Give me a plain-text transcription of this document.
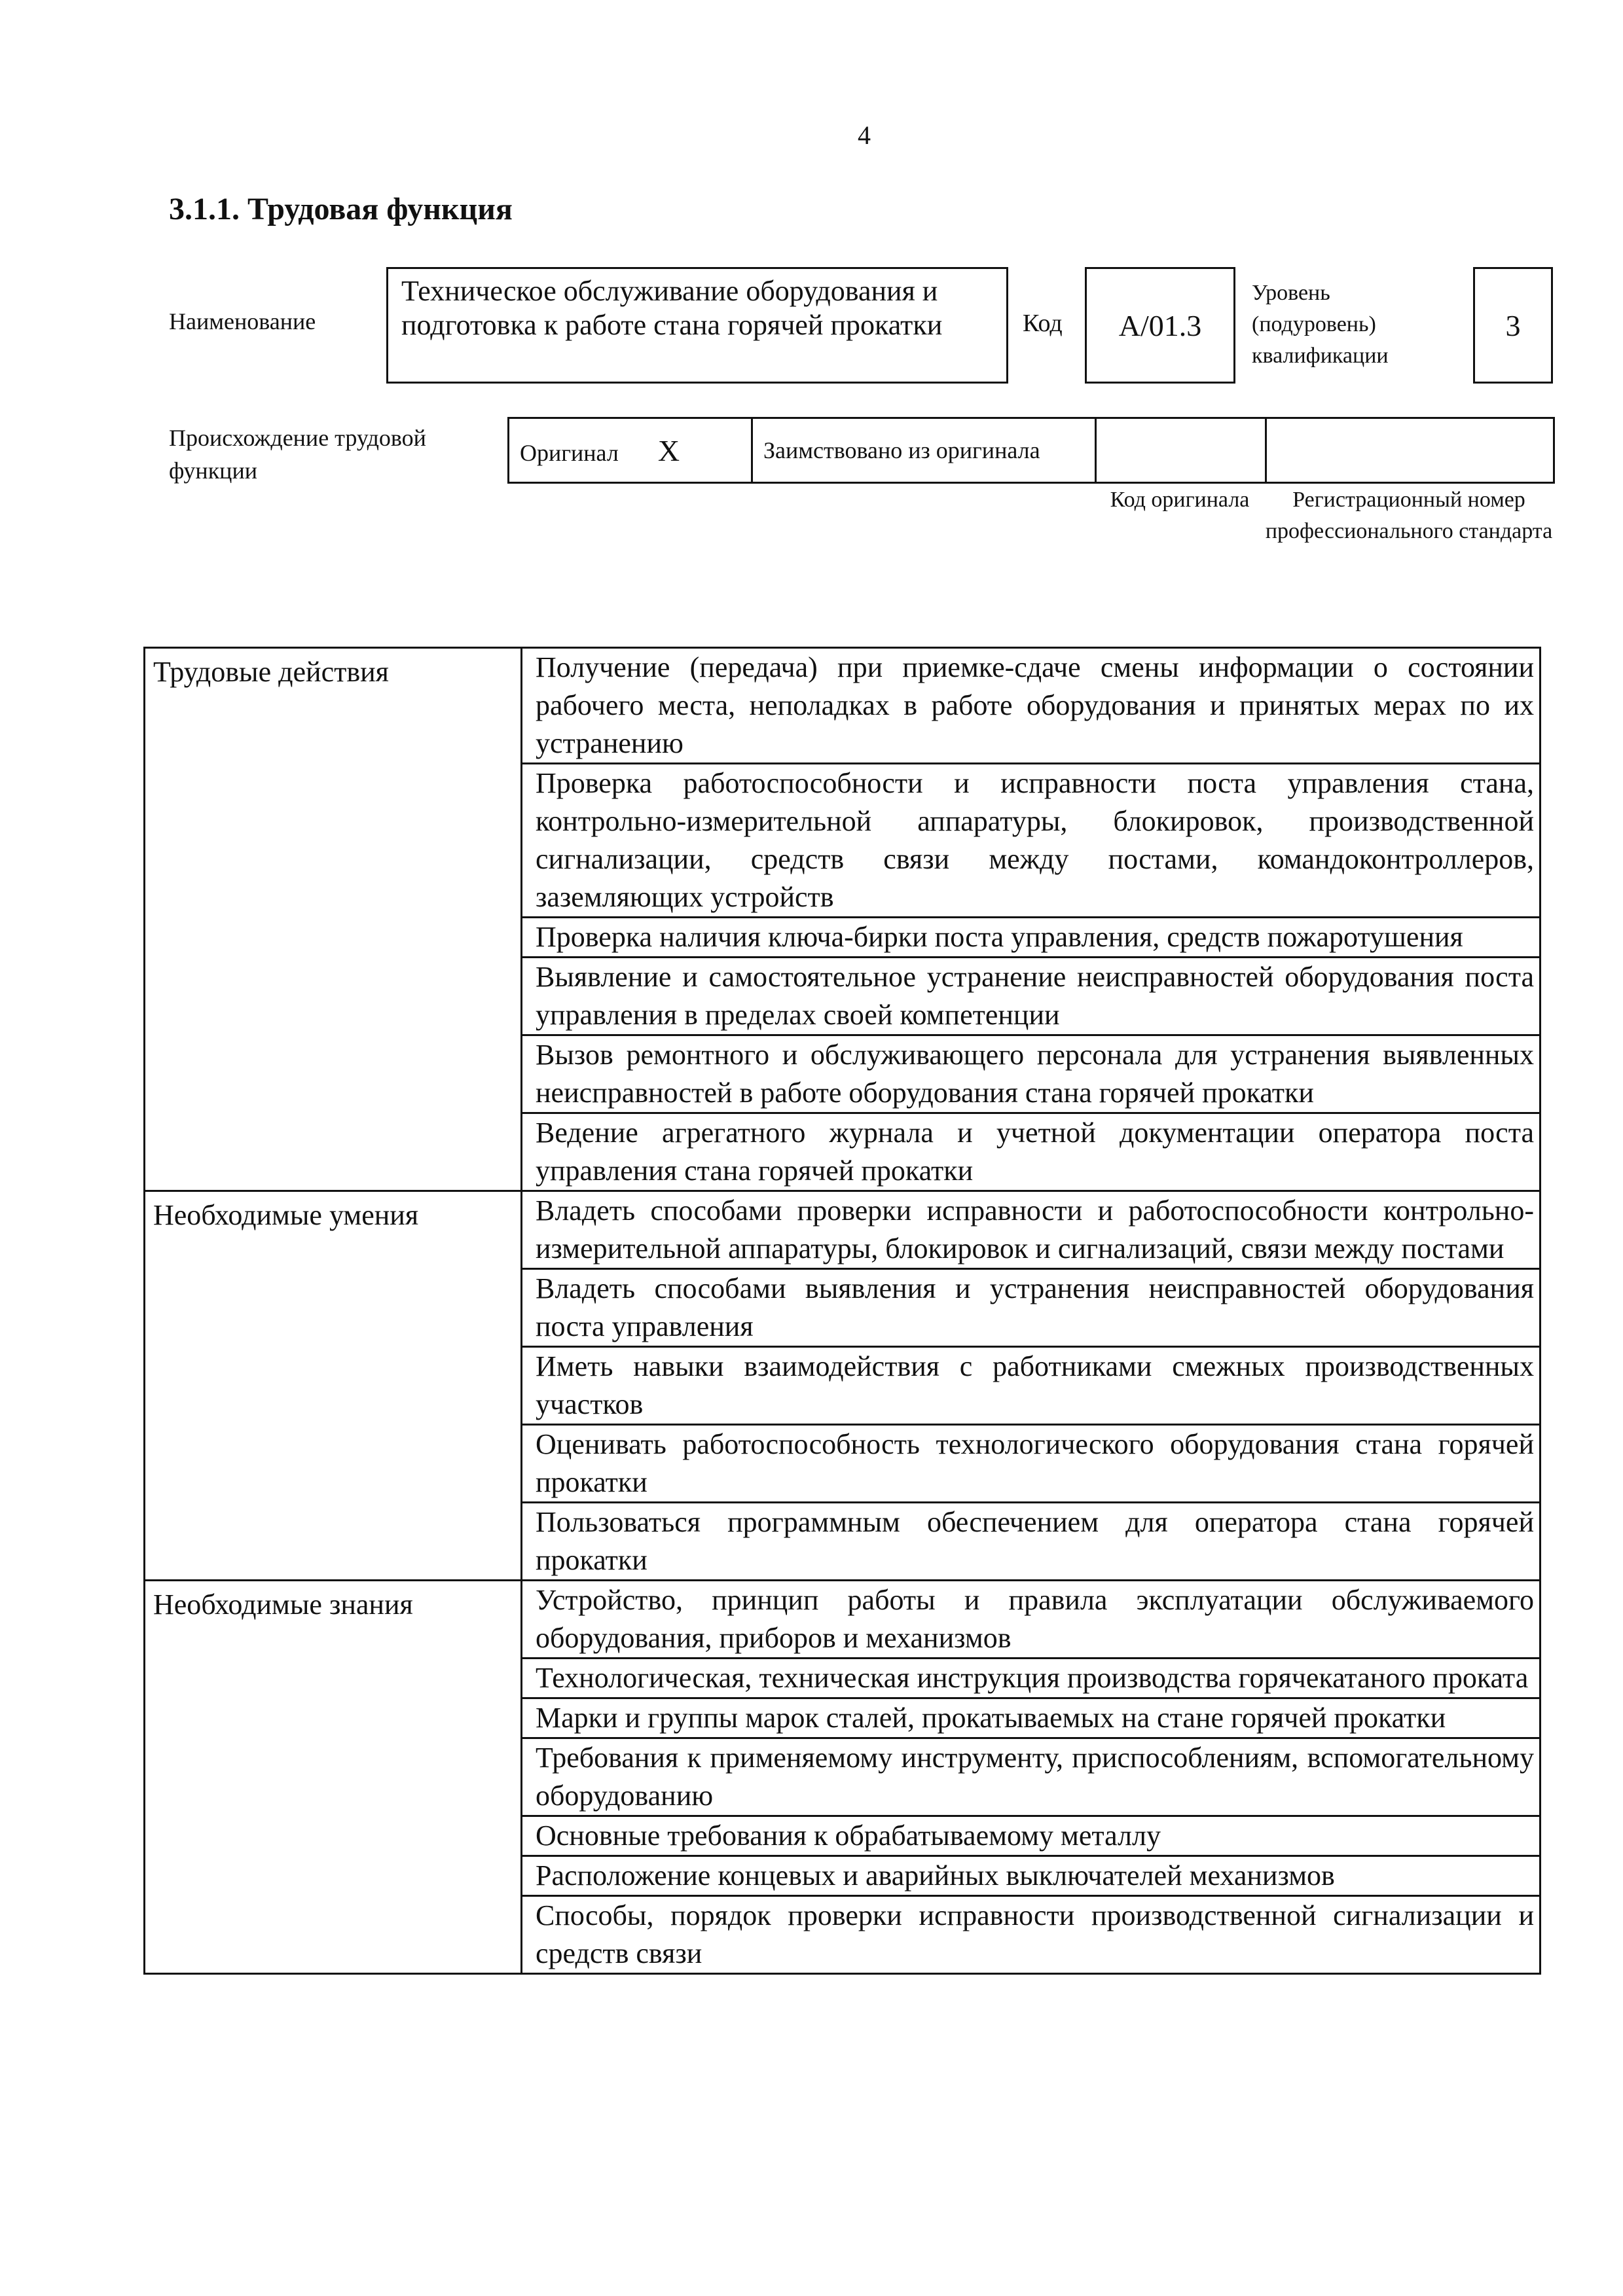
4
3.1.1. Трудовая функция
Наименование
Техническое обслуживание оборудования и подготовка к работе стана горячей прокатки	Код	А/01.3
Уровень (подуровень) квалификации
3
Происхождение трудовой функции
Оригинал X	Заимствовано из оригинала

Код оригинала	Регистрационный номер профессионального стандарта
Трудовые действия	Получение (передача) при приемке-сдаче смены информации о состоянии рабочего места, неполадках в работе оборудования и принятых мерах по их устранению
	Проверка работоспособности и исправности поста управления стана, контрольно-измерительной аппаратуры, блокировок, производственной сигнализации, средств связи между постами, командоконтроллеров, заземляющих устройств
	Проверка наличия ключа-бирки поста управления, средств пожаротушения
	Выявление и самостоятельное устранение неисправностей оборудования поста управления в пределах своей компетенции
	Вызов ремонтного и обслуживающего персонала для устранения выявленных неисправностей в работе оборудования стана горячей прокатки
	Ведение агрегатного журнала и учетной документации оператора поста управления стана горячей прокатки
Необходимые умения	Владеть способами проверки исправности и работоспособности контрольно-измерительной аппаратуры, блокировок и сигнализаций, связи между постами
	Владеть способами выявления и устранения неисправностей оборудования поста управления
	Иметь навыки взаимодействия с работниками смежных производственных участков
	Оценивать работоспособность технологического оборудования стана горячей прокатки
	Пользоваться программным обеспечением для оператора стана горячей прокатки
Необходимые знания	Устройство, принцип работы и правила эксплуатации обслуживаемого оборудования, приборов и механизмов
	Технологическая, техническая инструкция производства горячекатаного проката
	Марки и группы марок сталей, прокатываемых на стане горячей прокатки
	Требования к применяемому инструменту, приспособлениям, вспомогательному оборудованию
	Основные требования к обрабатываемому металлу
	Расположение концевых и аварийных выключателей механизмов
	Способы, порядок проверки исправности производственной сигнализации и средств связи
